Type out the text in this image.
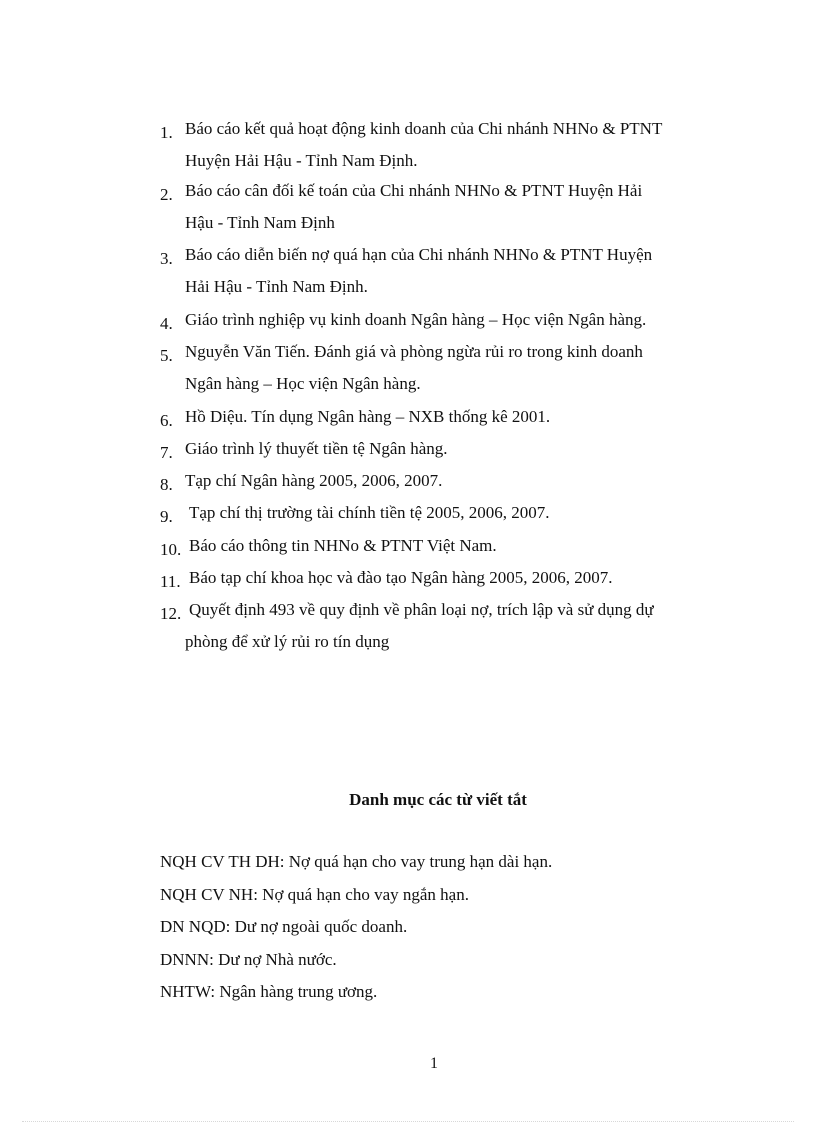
1. Báo cáo kết quả hoạt động kinh doanh của Chi nhánh NHNo & PTNT
Huyện Hải Hậu - Tỉnh Nam Định.
2. Báo cáo cân đối kế toán của Chi nhánh NHNo & PTNT Huyện Hải
Hậu - Tỉnh Nam Định
3. Báo cáo diễn biến nợ quá hạn của Chi nhánh NHNo & PTNT Huyện
Hải Hậu - Tỉnh Nam Định.
4. Giáo trình nghiệp vụ kinh doanh Ngân hàng – Học viện Ngân hàng.
5. Nguyễn Văn Tiến. Đánh giá và phòng ngừa rủi ro trong kinh doanh
Ngân hàng – Học viện Ngân hàng.
6. Hồ Diệu. Tín dụng Ngân hàng – NXB thống kê 2001.
7. Giáo trình lý thuyết tiền tệ Ngân hàng.
8. Tạp chí Ngân hàng 2005, 2006, 2007.
9. Tạp chí thị trường tài chính tiền tệ 2005, 2006, 2007.
10. Báo cáo thông tin NHNo & PTNT Việt Nam.
11. Báo tạp chí khoa học và đào tạo Ngân hàng 2005, 2006, 2007.
12. Quyết định 493 về quy định về phân loại nợ, trích lập và sử dụng dự
phòng để xử lý rủi ro tín dụng
Danh mục các từ viết tắt
NQH CV TH DH: Nợ quá hạn cho vay trung hạn dài hạn.
NQH CV NH: Nợ quá hạn cho vay ngắn hạn.
DN NQD: Dư nợ ngoài quốc doanh.
DNNN: Dư nợ Nhà nước.
NHTW: Ngân hàng trung ương.
1
